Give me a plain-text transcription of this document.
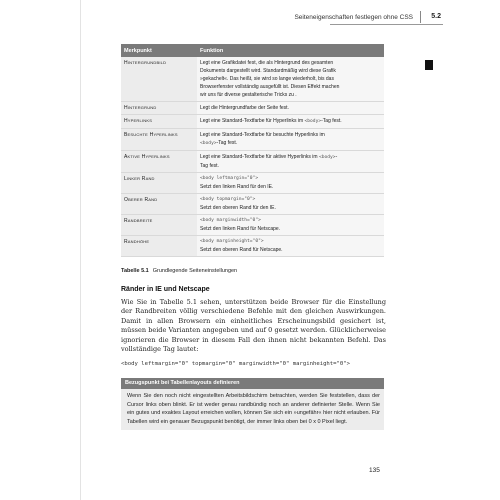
Seiteneigenschaften festlegen ohne CSS	5.2
Merkpunkt	Funktion
Hintergrundbild	Legt eine Grafikdatei fest, die als Hintergrund des gesamten
Dokuments dargestellt wird. Standardmäßig wird diese Grafik
»gekachelt«. Das heißt, sie wird so lange wiederholt, bis das
Browserfenster vollständig ausgefüllt ist. Diesen Effekt machen
wir uns für diverse gestalterische Tricks zu .

Hintergrund	Legt die Hintergrundfarbe der Seite fest.
Hyperlinks	Legt eine Standard-Textfarbe für Hyperlinks im <body>-Tag fest.
Besuchte Hyperlinks	Legt eine Standard-Textfarbe für besuchte Hyperlinks im
<body>-Tag fest.

Aktive Hyperlinks	Legt eine Standard-Textfarbe für aktive Hyperlinks im <body>-
Tag fest.

Linker Rand	<body leftmargin="0">
Setzt den linken Rand für den IE.

Oberer Rand	<body topmargin="0">
Setzt den oberen Rand für den IE.

Randbreite	<body marginwidth="0">
Setzt den linken Rand für Netscape.

Randhöhe	<body marginheight="0">
Setzt den oberen Rand für Netscape.
Tabelle 5.1 Grundlegende Seiteneinstellungen
Ränder in IE und Netscape
Wie Sie in Tabelle 5.1 sehen, unterstützen beide Browser für die Einstellung der Randbreiten völlig verschiedene Befehle mit den gleichen Auswirkungen. Damit in allen Browsern ein einheitliches Erscheinungsbild gesichert ist, müssen beide Varianten angegeben und auf 0 gesetzt werden. Glücklicherweise ignorieren die Browser in diesem Fall den ihnen nicht bekannten Befehl. Das vollständige Tag lautet:
<body leftmargin="0" topmargin="0" marginwidth="0" marginheight="0">
Bezugspunkt bei Tabellenlayouts definieren
Wenn Sie den noch nicht eingestellten Arbeitsbildschirm betrachten, werden Sie feststellen, dass der Cursor links oben blinkt. Er ist weder genau randbündig noch an anderer definierter Stelle. Wenn Sie ein gutes und exaktes Layout erreichen wollen, können Sie sich ein »ungefähr« hier nicht erlauben. Für Tabellen wird ein genauer Bezugspunkt benötigt, der immer links oben bei 0 x 0 Pixel liegt.
135
